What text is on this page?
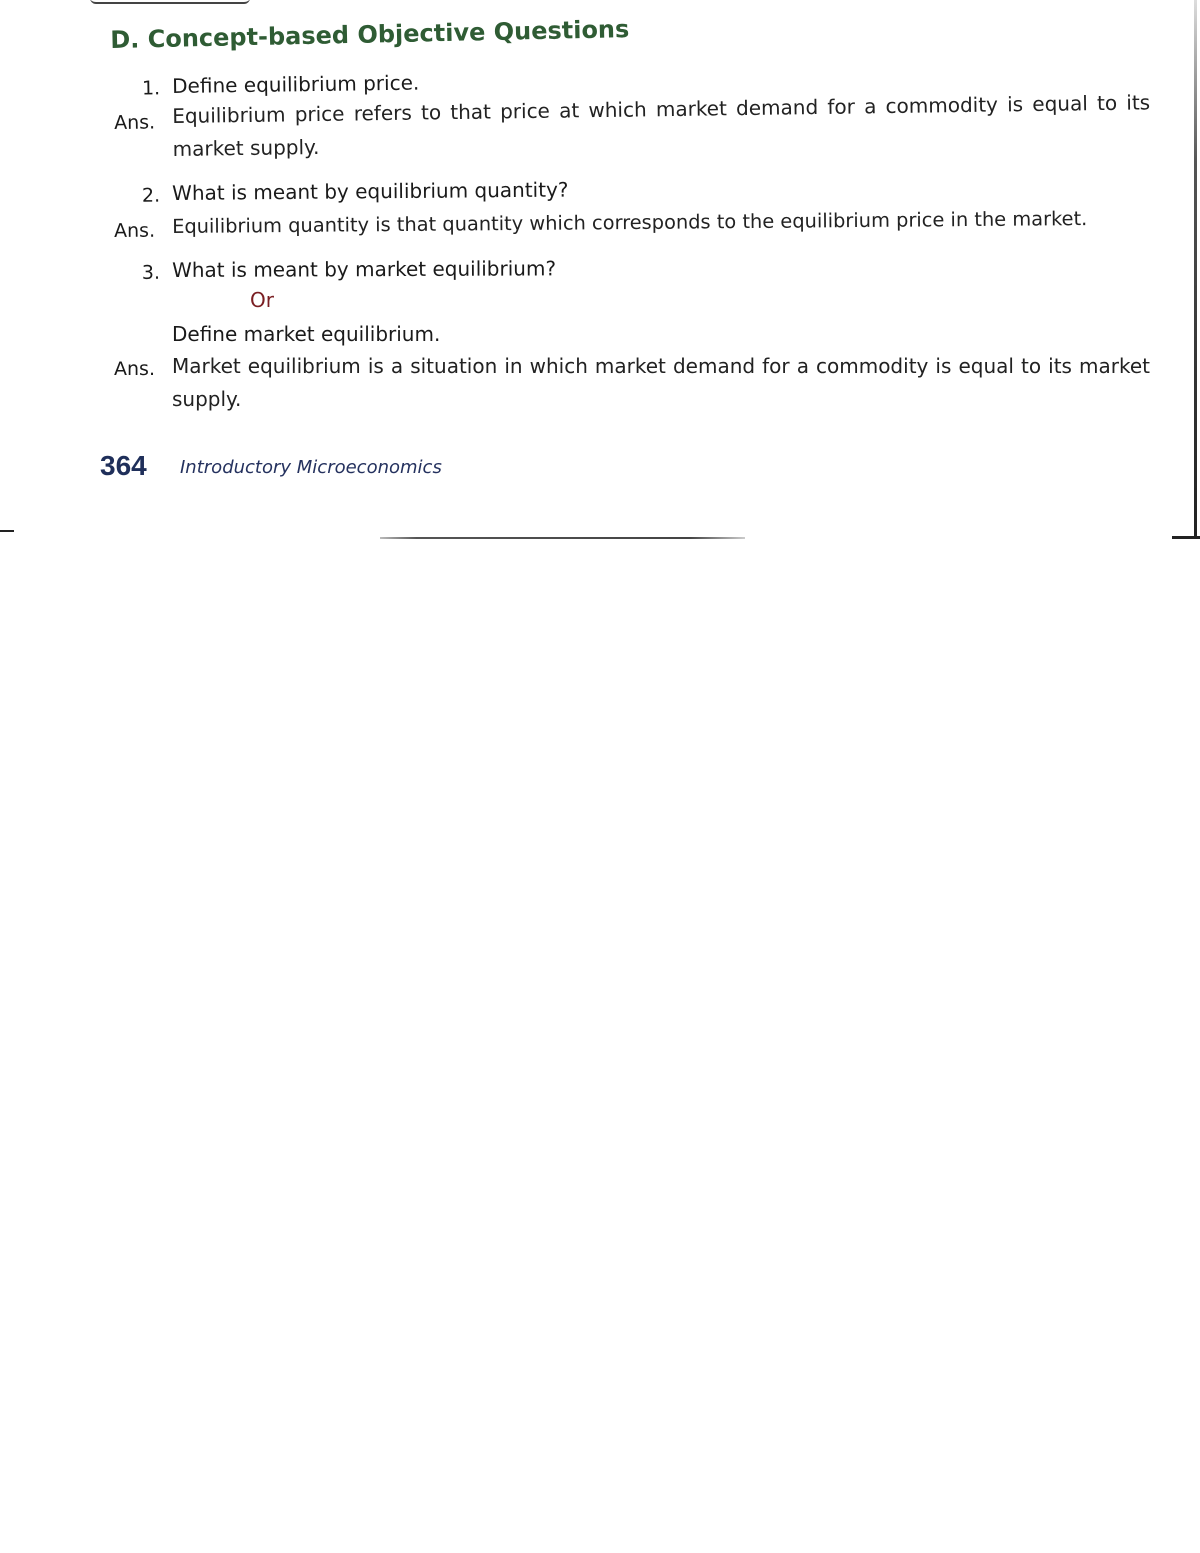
D. Concept-based Objective Questions
1. Define equilibrium price.
Ans. Equilibrium price refers to that price at which market demand for a commodity is equal to its market supply.
2. What is meant by equilibrium quantity?
Ans. Equilibrium quantity is that quantity which corresponds to the equilibrium price in the market.
3. What is meant by market equilibrium?
Or
Define market equilibrium.
Ans. Market equilibrium is a situation in which market demand for a commodity is equal to its market supply.
364 Introductory Microeconomics
